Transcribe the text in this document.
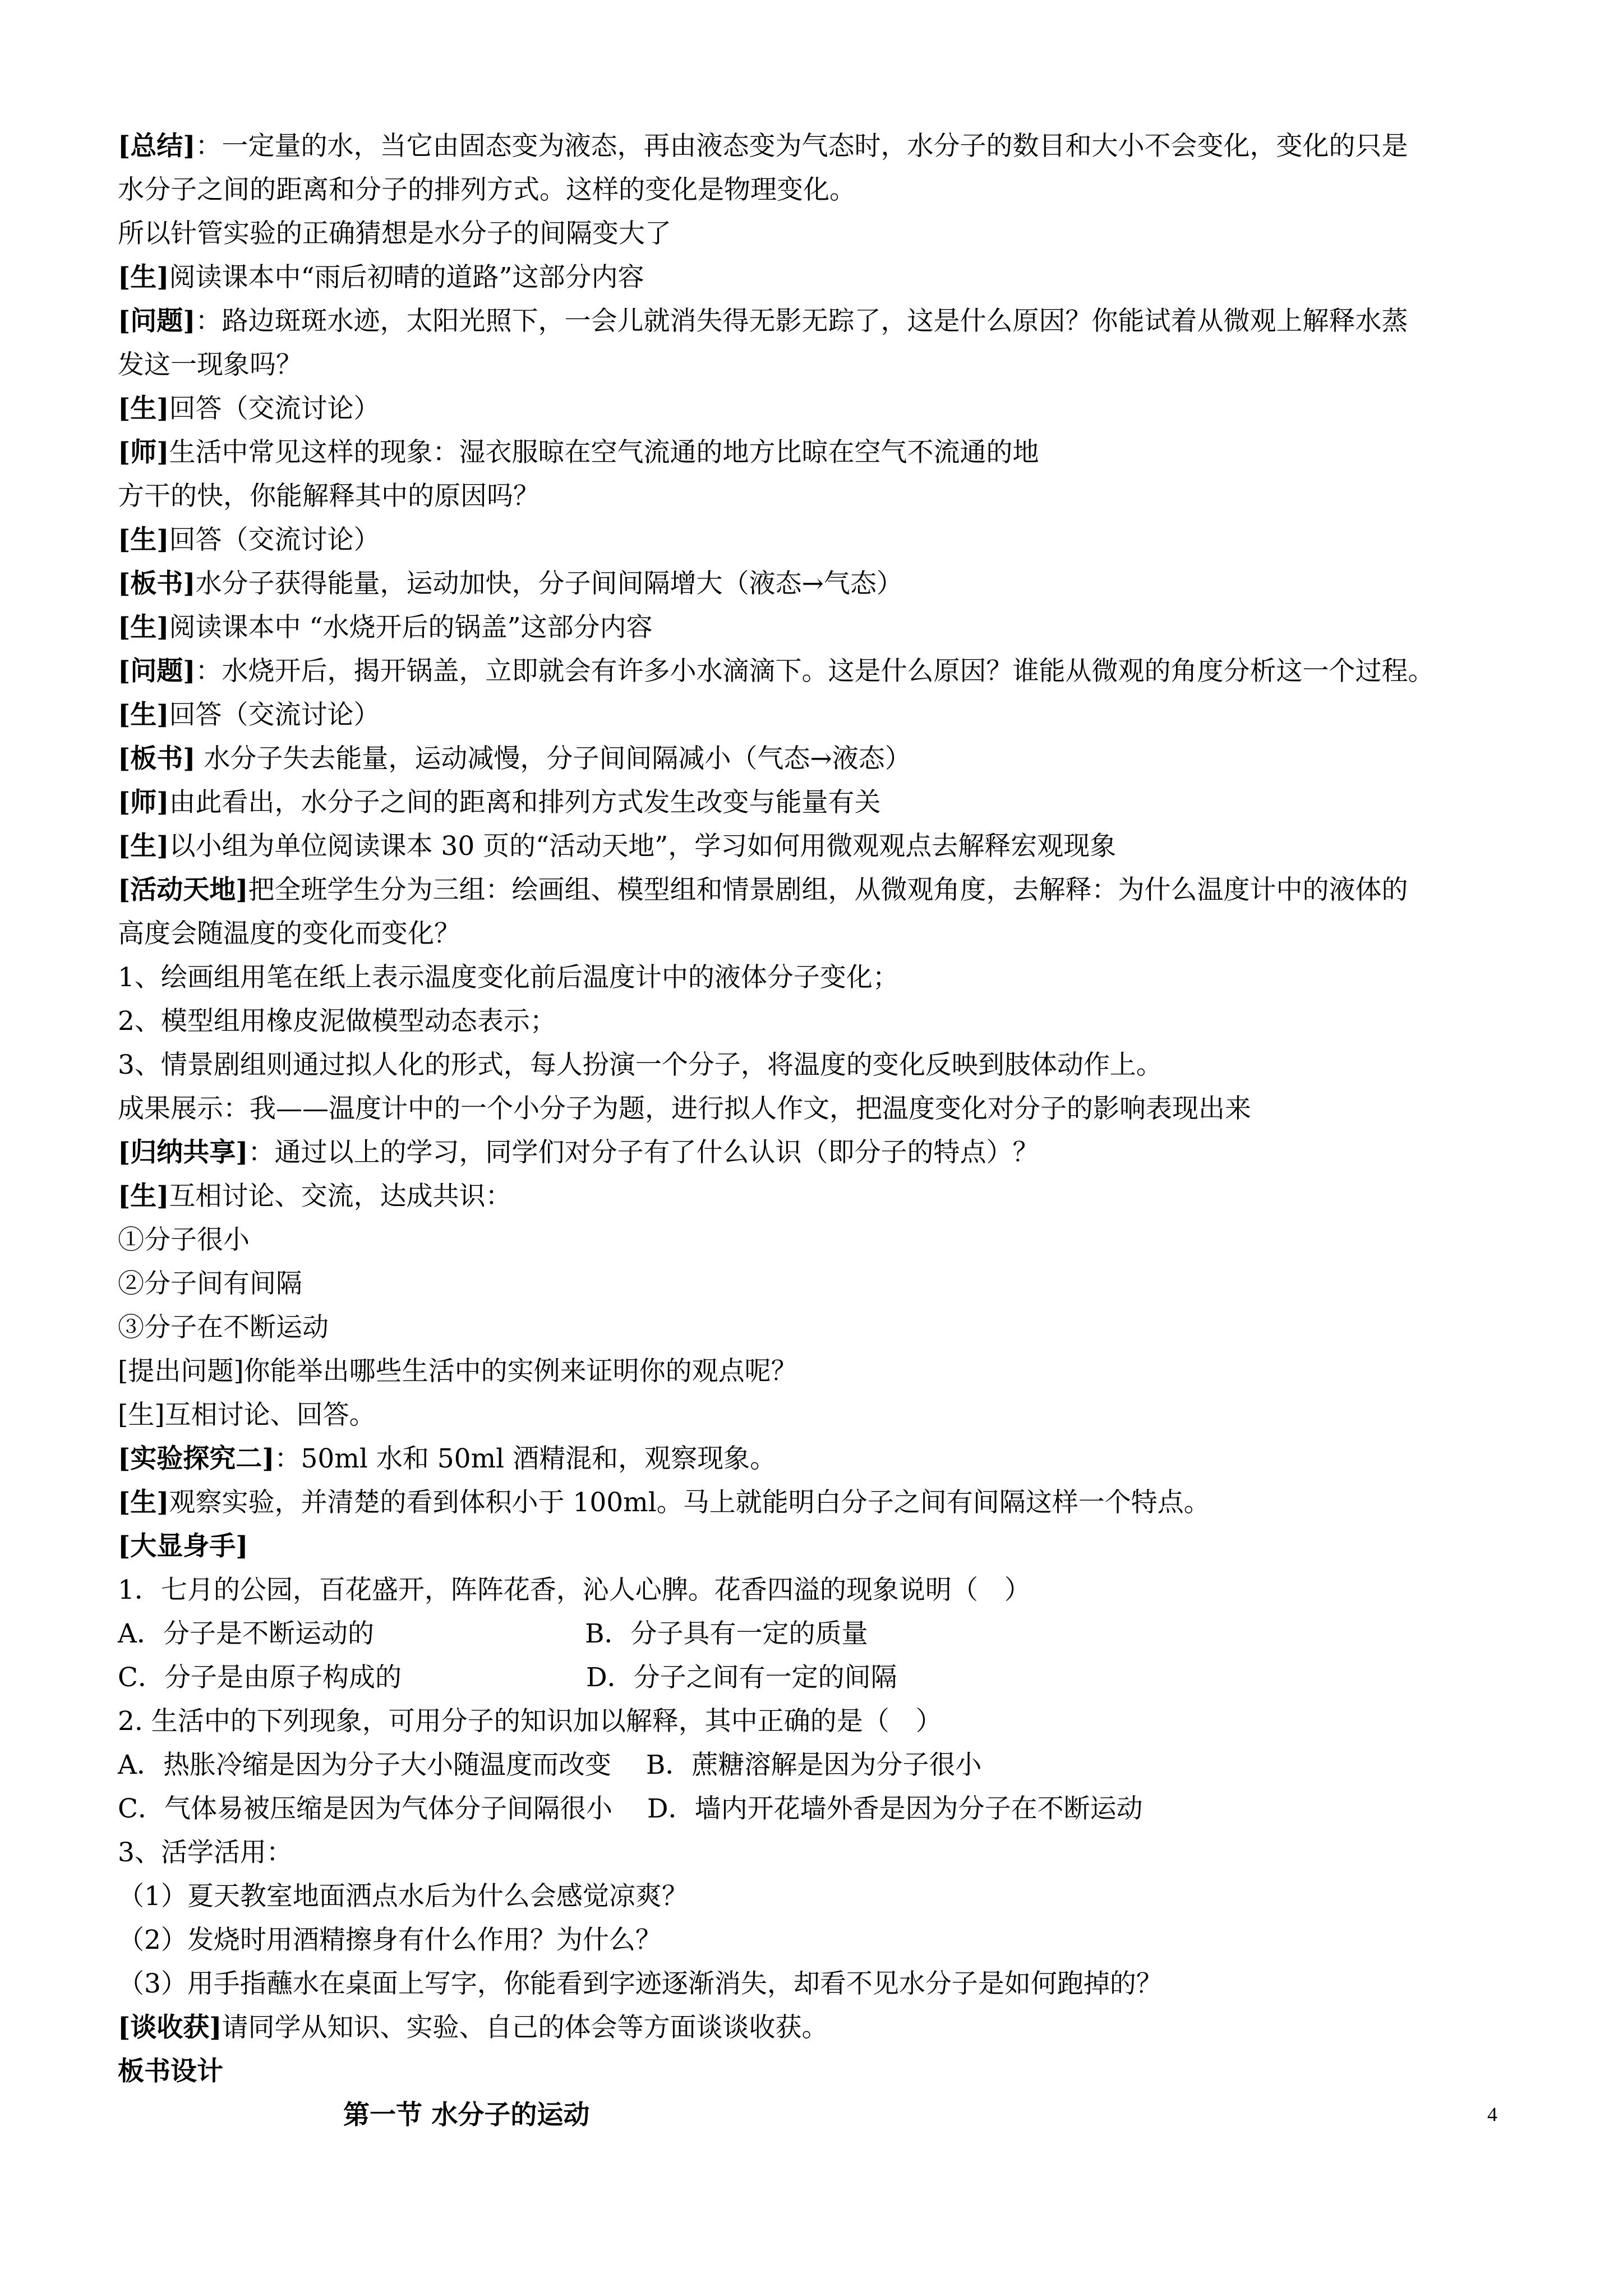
[总结]：一定量的水，当它由固态变为液态，再由液态变为气态时，水分子的数目和大小不会变化，变化的只是
水分子之间的距离和分子的排列方式。这样的变化是物理变化。
所以针管实验的正确猜想是水分子的间隔变大了
[生]阅读课本中“雨后初晴的道路”这部分内容
[问题]：路边斑斑水迹，太阳光照下，一会儿就消失得无影无踪了，这是什么原因？你能试着从微观上解释水蒸
发这一现象吗？
[生]回答（交流讨论）
[师]生活中常见这样的现象：湿衣服晾在空气流通的地方比晾在空气不流通的地
方干的快，你能解释其中的原因吗？
[生]回答（交流讨论）
[板书]水分子获得能量，运动加快，分子间间隔增大（液态→气态）
[生]阅读课本中 “水烧开后的锅盖”这部分内容
[问题]：水烧开后，揭开锅盖，立即就会有许多小水滴滴下。这是什么原因？谁能从微观的角度分析这一个过程。
[生]回答（交流讨论）
[板书] 水分子失去能量，运动减慢，分子间间隔减小（气态→液态）
[师]由此看出，水分子之间的距离和排列方式发生改变与能量有关
[生]以小组为单位阅读课本 30 页的“活动天地”，学习如何用微观观点去解释宏观现象
[活动天地]把全班学生分为三组：绘画组、模型组和情景剧组，从微观角度，去解释：为什么温度计中的液体的
高度会随温度的变化而变化？
1、绘画组用笔在纸上表示温度变化前后温度计中的液体分子变化；
2、模型组用橡皮泥做模型动态表示；
3、情景剧组则通过拟人化的形式，每人扮演一个分子，将温度的变化反映到肢体动作上。
成果展示：我——温度计中的一个小分子为题，进行拟人作文，把温度变化对分子的影响表现出来
[归纳共享]：通过以上的学习，同学们对分子有了什么认识（即分子的特点）？
[生]互相讨论、交流，达成共识：
①分子很小
②分子间有间隔
③分子在不断运动
[提出问题]你能举出哪些生活中的实例来证明你的观点呢？
[生]互相讨论、回答。
[实验探究二]：50ml 水和 50ml 酒精混和，观察现象。
[生]观察实验，并清楚的看到体积小于 100ml。马上就能明白分子之间有间隔这样一个特点。
[大显身手]
1．七月的公园，百花盛开，阵阵花香，沁人心脾。花香四溢的现象说明（　）
A．分子是不断运动的　　　　　　　　B．分子具有一定的质量
C．分子是由原子构成的　　　　　　　D．分子之间有一定的间隔
2. 生活中的下列现象，可用分子的知识加以解释，其中正确的是（　）
A．热胀冷缩是因为分子大小随温度而改变　 B．蔗糖溶解是因为分子很小
C．气体易被压缩是因为气体分子间隔很小　 D．墙内开花墙外香是因为分子在不断运动
3、活学活用：
（1）夏天教室地面洒点水后为什么会感觉凉爽？
（2）发烧时用酒精擦身有什么作用？为什么？
（3）用手指蘸水在桌面上写字，你能看到字迹逐渐消失，却看不见水分子是如何跑掉的？
[谈收获]请同学从知识、实验、自己的体会等方面谈谈收获。
板书设计
第一节 水分子的运动	4
